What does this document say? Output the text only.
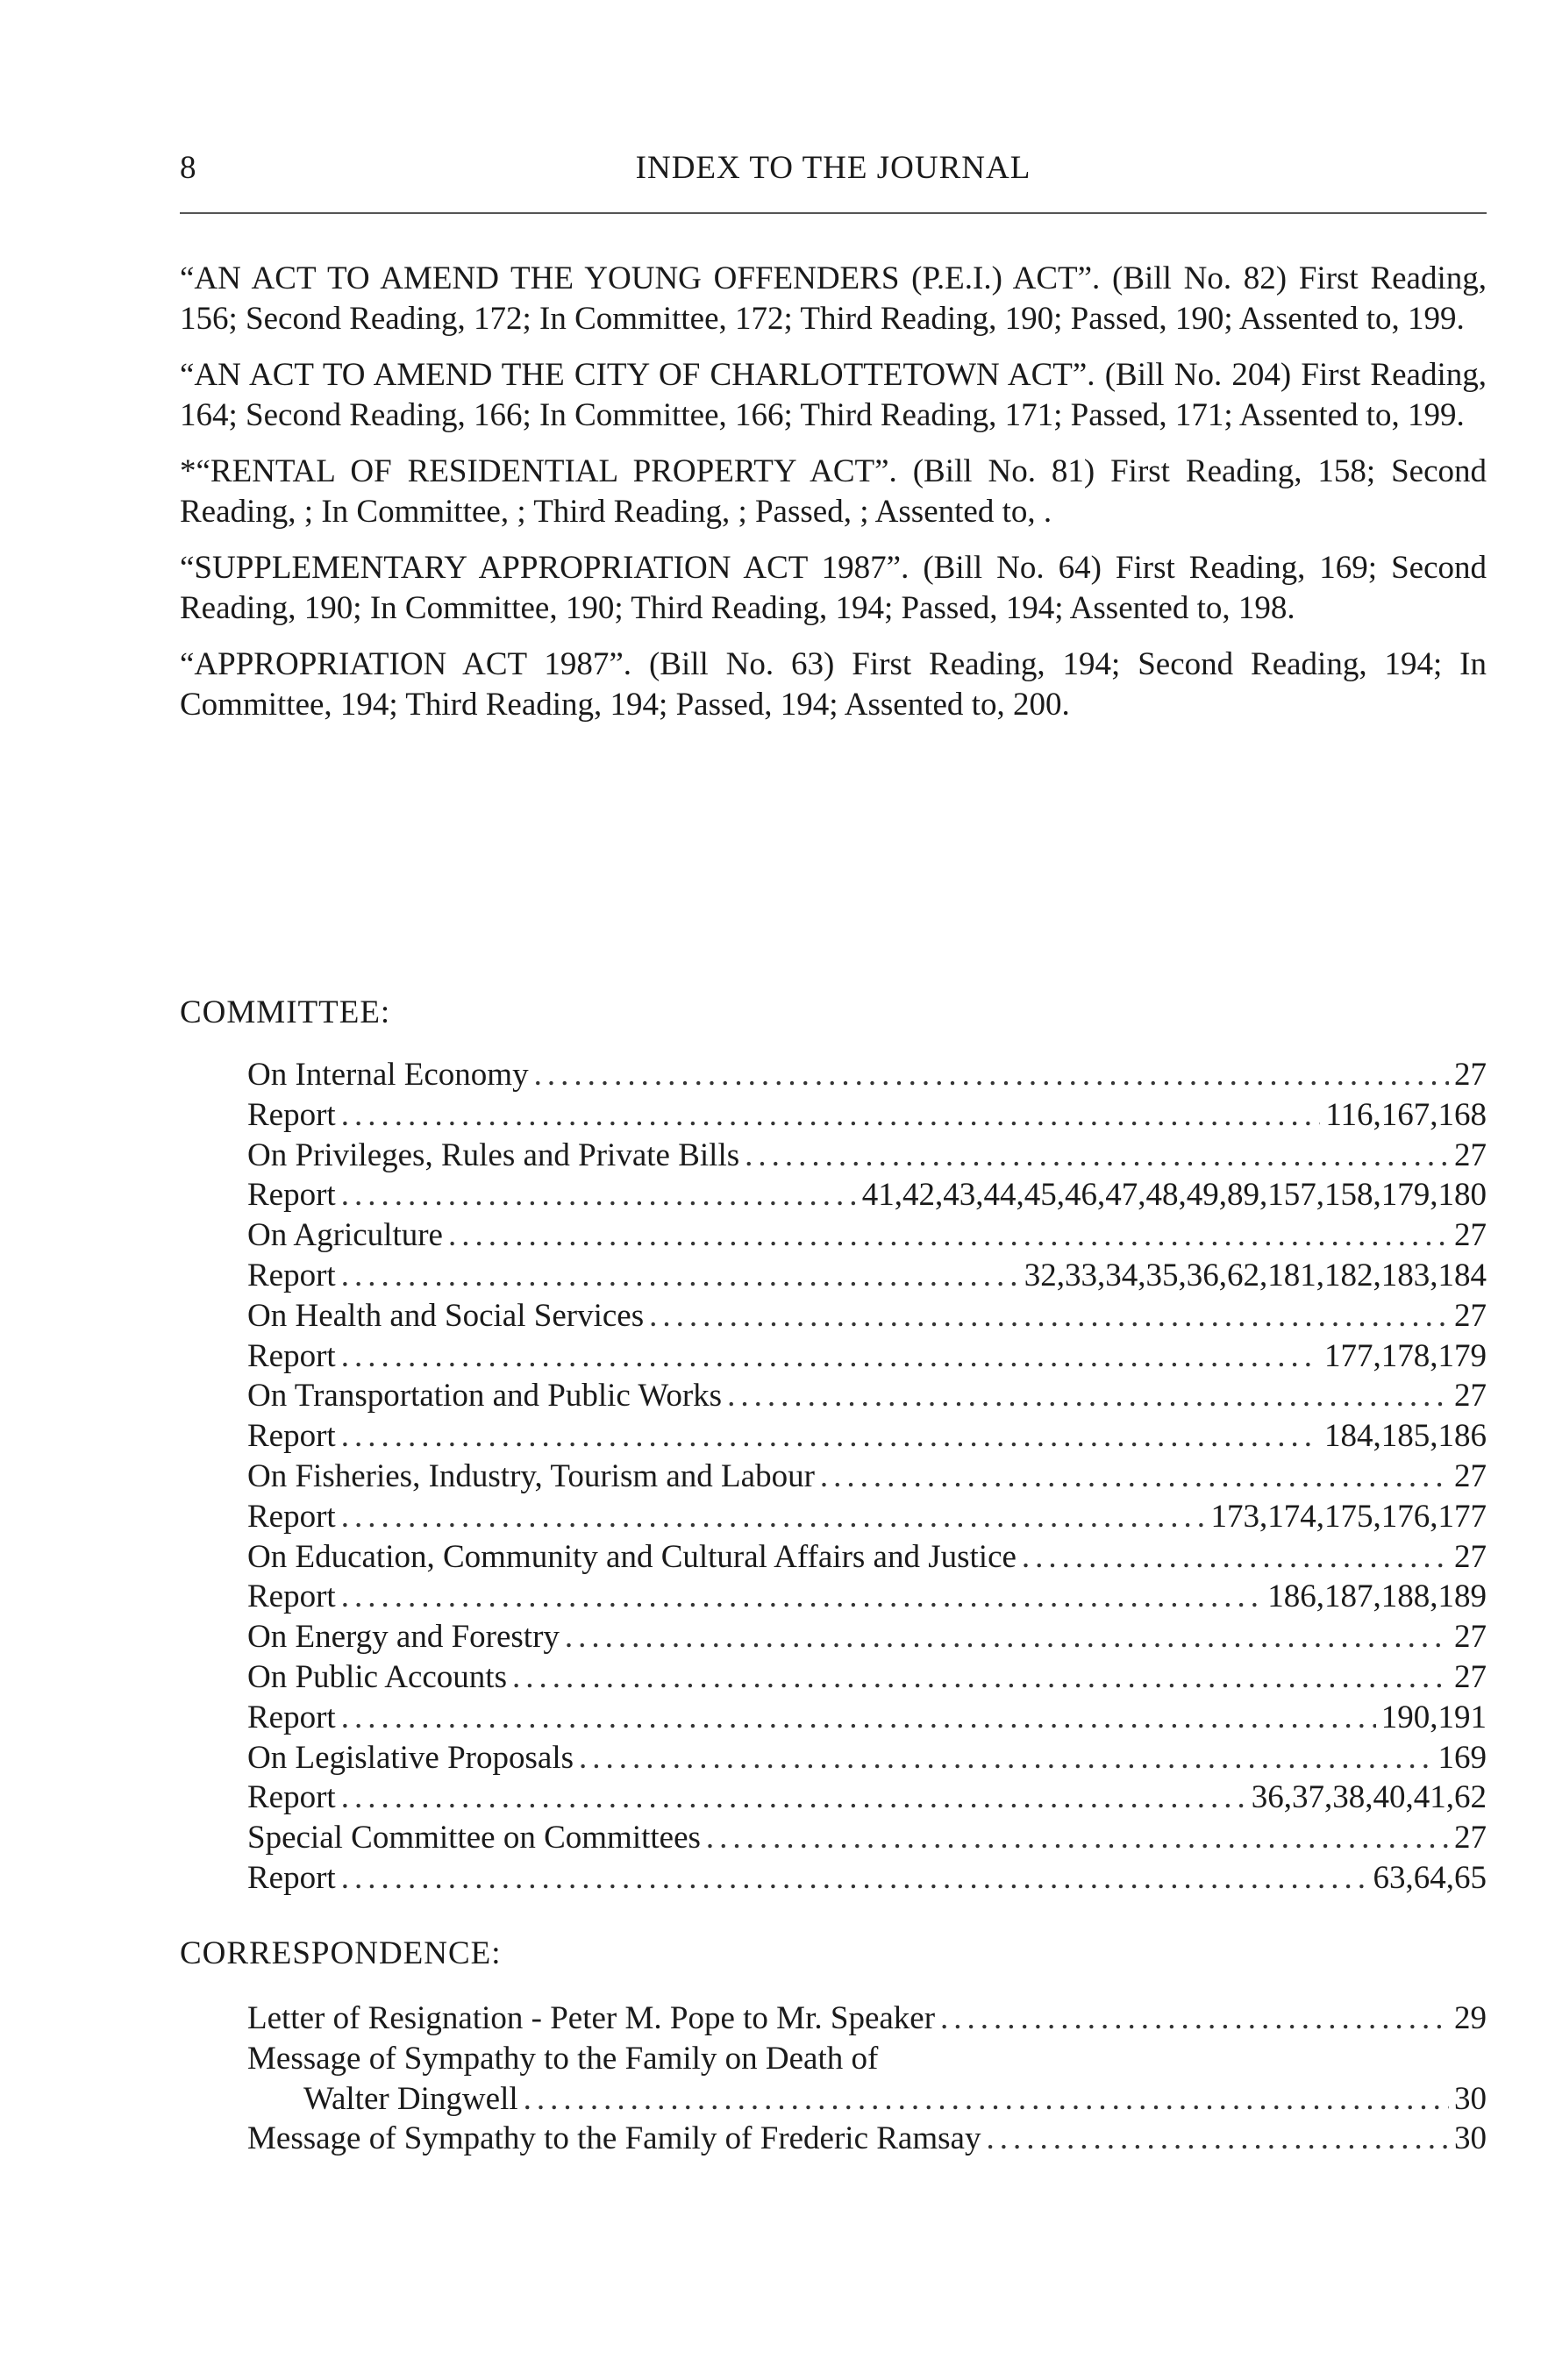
8	INDEX TO THE JOURNAL

“AN ACT TO AMEND THE YOUNG OFFENDERS (P.E.I.) ACT”. (Bill No. 82) First Reading, 156; Second Reading, 172; In Committee, 172; Third Reading, 190; Passed, 190; Assented to, 199.

“AN ACT TO AMEND THE CITY OF CHARLOTTETOWN ACT”. (Bill No. 204) First Reading, 164; Second Reading, 166; In Committee, 166; Third Reading, 171; Passed, 171; Assented to, 199.

*“RENTAL OF RESIDENTIAL PROPERTY ACT”. (Bill No. 81) First Reading, 158; Second Reading, ; In Committee, ; Third Reading, ; Passed, ; Assented to, .

“SUPPLEMENTARY APPROPRIATION ACT 1987”. (Bill No. 64) First Reading, 169; Second Reading, 190; In Committee, 190; Third Reading, 194; Passed, 194; Assented to, 198.

“APPROPRIATION ACT 1987”. (Bill No. 63) First Reading, 194; Second Reading, 194; In Committee, 194; Third Reading, 194; Passed, 194; Assented to, 200.

COMMITTEE:
On Internal Economy .....	27
Report .....	116,167,168
On Privileges, Rules and Private Bills .....	27
Report .....	41,42,43,44,45,46,47,48,49,89,157,158,179,180
On Agriculture .....	27
Report .....	32,33,34,35,36,62,181,182,183,184
On Health and Social Services .....	27
Report .....	177,178,179
On Transportation and Public Works .....	27
Report .....	184,185,186
On Fisheries, Industry, Tourism and Labour .....	27
Report .....	173,174,175,176,177
On Education, Community and Cultural Affairs and Justice .....	27
Report .....	186,187,188,189
On Energy and Forestry .....	27
On Public Accounts .....	27
Report .....	190,191
On Legislative Proposals .....	169
Report .....	36,37,38,40,41,62
Special Committee on Committees .....	27
Report .....	63,64,65
CORRESPONDENCE:
Letter of Resignation - Peter M. Pope to Mr. Speaker .....	29
Message of Sympathy to the Family on Death of
Walter Dingwell .....	30
Message of Sympathy to the Family of Frederic Ramsay .....	30
